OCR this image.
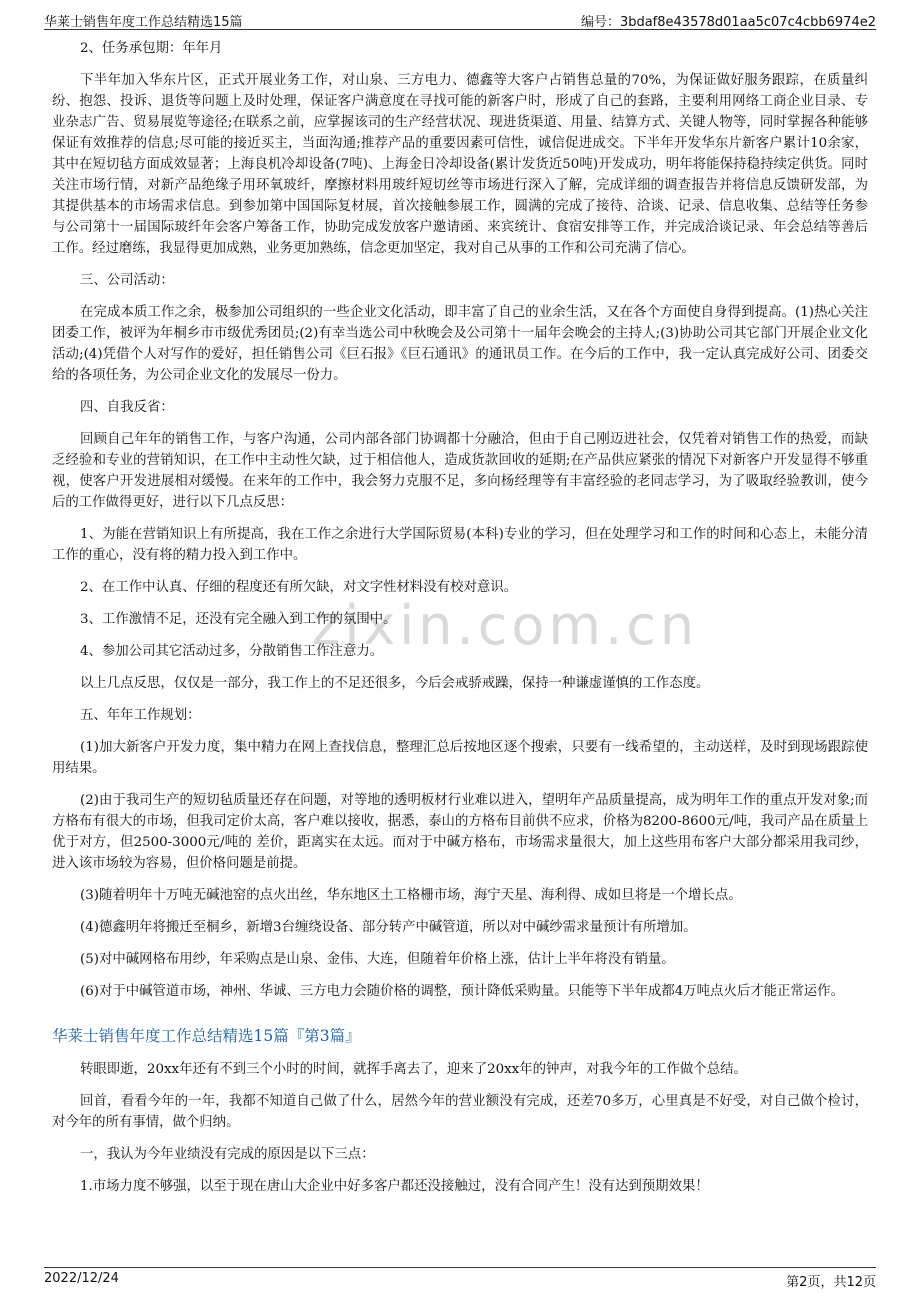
华莱士销售年度工作总结精选15篇	编号：3bdaf8e43578d01aa5c07c4cbb6974e2
zixin.com.cn

2、任务承包期：年年月

下半年加入华东片区，正式开展业务工作，对山泉、三方电力、德鑫等大客户占销售总量的70%，为保证做好服务跟踪，在质量纠纷、抱怨、投诉、退货等问题上及时处理，保证客户满意度在寻找可能的新客户时，形成了自己的套路，主要利用网络工商企业目录、专业杂志广告、贸易展览等途径;在联系之前，应掌握该司的生产经营状况、现进货渠道、用量、结算方式、关键人物等，同时掌握各种能够保证有效推荐的信息;尽可能的接近买主，当面沟通;推荐产品的重要因素可信性，诚信促进成交。下半年开发华东片新客户累计10余家，其中在短切毡方面成效显著；上海良机冷却设备(7吨)、上海金日冷却设备(累计发货近50吨)开发成功，明年将能保持稳持续定供货。同时关注市场行情，对新产品绝缘子用环氧玻纤，摩擦材料用玻纤短切丝等市场进行深入了解，完成详细的调查报告并将信息反馈研发部，为其提供基本的市场需求信息。到参加第中国国际复材展，首次接触参展工作，圆满的完成了接待、洽谈、记录、信息收集、总结等任务参与公司第十一届国际玻纤年会客户筹备工作，协助完成发放客户邀请函、来宾统计、食宿安排等工作，并完成洽谈记录、年会总结等善后工作。经过磨练，我显得更加成熟，业务更加熟练，信念更加坚定，我对自己从事的工作和公司充满了信心。

三、公司活动：

在完成本质工作之余，极参加公司组织的一些企业文化活动，即丰富了自己的业余生活，又在各个方面使自身得到提高。(1)热心关注团委工作，被评为年桐乡市市级优秀团员;(2)有幸当选公司中秋晚会及公司第十一届年会晚会的主持人;(3)协助公司其它部门开展企业文化活动;(4)凭借个人对写作的爱好，担任销售公司《巨石报》《巨石通讯》的通讯员工作。在今后的工作中，我一定认真完成好公司、团委交给的各项任务，为公司企业文化的发展尽一份力。

四、自我反省：

回顾自己年年的销售工作，与客户沟通，公司内部各部门协调都十分融洽，但由于自己刚迈进社会，仅凭着对销售工作的热爱，而缺乏经验和专业的营销知识，在工作中主动性欠缺，过于相信他人，造成货款回收的延期;在产品供应紧张的情况下对新客户开发显得不够重视，使客户开发进展相对缓慢。在来年的工作中，我会努力克服不足，多向杨经理等有丰富经验的老同志学习，为了吸取经验教训，使今后的工作做得更好，进行以下几点反思：

1、为能在营销知识上有所提高，我在工作之余进行大学国际贸易(本科)专业的学习，但在处理学习和工作的时间和心态上，未能分清工作的重心，没有将的精力投入到工作中。

2、在工作中认真、仔细的程度还有所欠缺，对文字性材料没有校对意识。

3、工作激情不足，还没有完全融入到工作的氛围中。

4、参加公司其它活动过多，分散销售工作注意力。

以上几点反思，仅仅是一部分，我工作上的不足还很多，今后会戒骄戒躁，保持一种谦虚谨慎的工作态度。

五、年年工作规划：

(1)加大新客户开发力度，集中精力在网上查找信息，整理汇总后按地区逐个搜索，只要有一线希望的，主动送样，及时到现场跟踪使用结果。

(2)由于我司生产的短切毡质量还存在问题，对等地的透明板材行业难以进入，望明年产品质量提高，成为明年工作的重点开发对象;而方格布有很大的市场，但我司定价太高，客户难以接收，据悉，泰山的方格布目前供不应求，价格为8200-8600元/吨，我司产品在质量上优于对方，但2500-3000元/吨的 差价，距离实在太远。而对于中碱方格布，市场需求量很大，加上这些用布客户大部分都采用我司纱，进入该市场较为容易，但价格问题是前提。

(3)随着明年十万吨无碱池窑的点火出丝，华东地区土工格栅市场，海宁天星、海利得、成如旦将是一个增长点。

(4)德鑫明年将搬迁至桐乡，新增3台缠绕设备、部分转产中碱管道，所以对中碱纱需求量预计有所增加。

(5)对中碱网格布用纱，年采购点是山泉、金伟、大连，但随着年价格上涨，估计上半年将没有销量。

(6)对于中碱管道市场，神州、华诚、三方电力会随价格的调整，预计降低采购量。只能等下半年成都4万吨点火后才能正常运作。

华莱士销售年度工作总结精选15篇『第3篇』

转眼即逝，20xx年还有不到三个小时的时间，就挥手离去了，迎来了20xx年的钟声，对我今年的工作做个总结。

回首，看看今年的一年，我都不知道自己做了什么，居然今年的营业额没有完成，还差70多万，心里真是不好受，对自己做个检讨，对今年的所有事情，做个归纳。

一，我认为今年业绩没有完成的原因是以下三点：

1.市场力度不够强，以至于现在唐山大企业中好多客户都还没接触过，没有合同产生！没有达到预期效果！

2022/12/24	第2页，共12页
